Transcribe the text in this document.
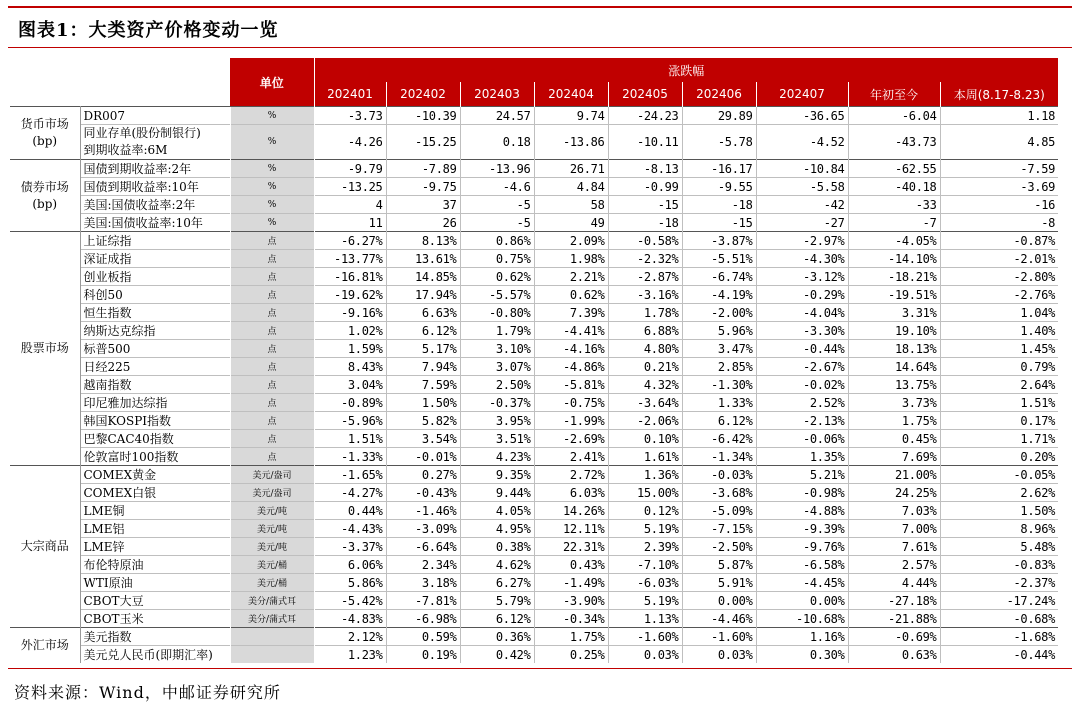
图表1：大类资产价格变动一览
		单位	涨跌幅								
			202401	202402	202403	202404	202405	202406	202407	年初至今	本周(8.17-8.23)
货币市场
(bp)	DR007	%	-3.73	-10.39	24.57	9.74	-24.23	29.89	-36.65	-6.04	1.18
	同业存单(股份制银行)
到期收益率:6M	%	-4.26	-15.25	0.18	-13.86	-10.11	-5.78	-4.52	-43.73	4.85
债券市场
(bp)	国债到期收益率:2年	%	-9.79	-7.89	-13.96	26.71	-8.13	-16.17	-10.84	-62.55	-7.59
	国债到期收益率:10年	%	-13.25	-9.75	-4.6	4.84	-0.99	-9.55	-5.58	-40.18	-3.69
	美国:国债收益率:2年	%	4	37	-5	58	-15	-18	-42	-33	-16
	美国:国债收益率:10年	%	11	26	-5	49	-18	-15	-27	-7	-8
股票市场	上证综指	点	-6.27%	8.13%	0.86%	2.09%	-0.58%	-3.87%	-2.97%	-4.05%	-0.87%
	深证成指	点	-13.77%	13.61%	0.75%	1.98%	-2.32%	-5.51%	-4.30%	-14.10%	-2.01%
	创业板指	点	-16.81%	14.85%	0.62%	2.21%	-2.87%	-6.74%	-3.12%	-18.21%	-2.80%
	科创50	点	-19.62%	17.94%	-5.57%	0.62%	-3.16%	-4.19%	-0.29%	-19.51%	-2.76%
	恒生指数	点	-9.16%	6.63%	-0.80%	7.39%	1.78%	-2.00%	-4.04%	3.31%	1.04%
	纳斯达克综指	点	1.02%	6.12%	1.79%	-4.41%	6.88%	5.96%	-3.30%	19.10%	1.40%
	标普500	点	1.59%	5.17%	3.10%	-4.16%	4.80%	3.47%	-0.44%	18.13%	1.45%
	日经225	点	8.43%	7.94%	3.07%	-4.86%	0.21%	2.85%	-2.67%	14.64%	0.79%
	越南指数	点	3.04%	7.59%	2.50%	-5.81%	4.32%	-1.30%	-0.02%	13.75%	2.64%
	印尼雅加达综指	点	-0.89%	1.50%	-0.37%	-0.75%	-3.64%	1.33%	2.52%	3.73%	1.51%
	韩国KOSPI指数	点	-5.96%	5.82%	3.95%	-1.99%	-2.06%	6.12%	-2.13%	1.75%	0.17%
	巴黎CAC40指数	点	1.51%	3.54%	3.51%	-2.69%	0.10%	-6.42%	-0.06%	0.45%	1.71%
	伦敦富时100指数	点	-1.33%	-0.01%	4.23%	2.41%	1.61%	-1.34%	1.35%	7.69%	0.20%
大宗商品	COMEX黄金	美元/盎司	-1.65%	0.27%	9.35%	2.72%	1.36%	-0.03%	5.21%	21.00%	-0.05%
	COMEX白银	美元/盎司	-4.27%	-0.43%	9.44%	6.03%	15.00%	-3.68%	-0.98%	24.25%	2.62%
	LME铜	美元/吨	0.44%	-1.46%	4.05%	14.26%	0.12%	-5.09%	-4.88%	7.03%	1.50%
	LME铝	美元/吨	-4.43%	-3.09%	4.95%	12.11%	5.19%	-7.15%	-9.39%	7.00%	8.96%
	LME锌	美元/吨	-3.37%	-6.64%	0.38%	22.31%	2.39%	-2.50%	-9.76%	7.61%	5.48%
	布伦特原油	美元/桶	6.06%	2.34%	4.62%	0.43%	-7.10%	5.87%	-6.58%	2.57%	-0.83%
	WTI原油	美元/桶	5.86%	3.18%	6.27%	-1.49%	-6.03%	5.91%	-4.45%	4.44%	-2.37%
	CBOT大豆	美分/蒲式耳	-5.42%	-7.81%	5.79%	-3.90%	5.19%	0.00%	0.00%	-27.18%	-17.24%
	CBOT玉米	美分/蒲式耳	-4.83%	-6.98%	6.12%	-0.34%	1.13%	-4.46%	-10.68%	-21.88%	-0.68%
外汇市场	美元指数		2.12%	0.59%	0.36%	1.75%	-1.60%	-1.60%	1.16%	-0.69%	-1.68%
	美元兑人民币(即期汇率)		1.23%	0.19%	0.42%	0.25%	0.03%	0.03%	0.30%	0.63%	-0.44%
资料来源：Wind，中邮证券研究所
